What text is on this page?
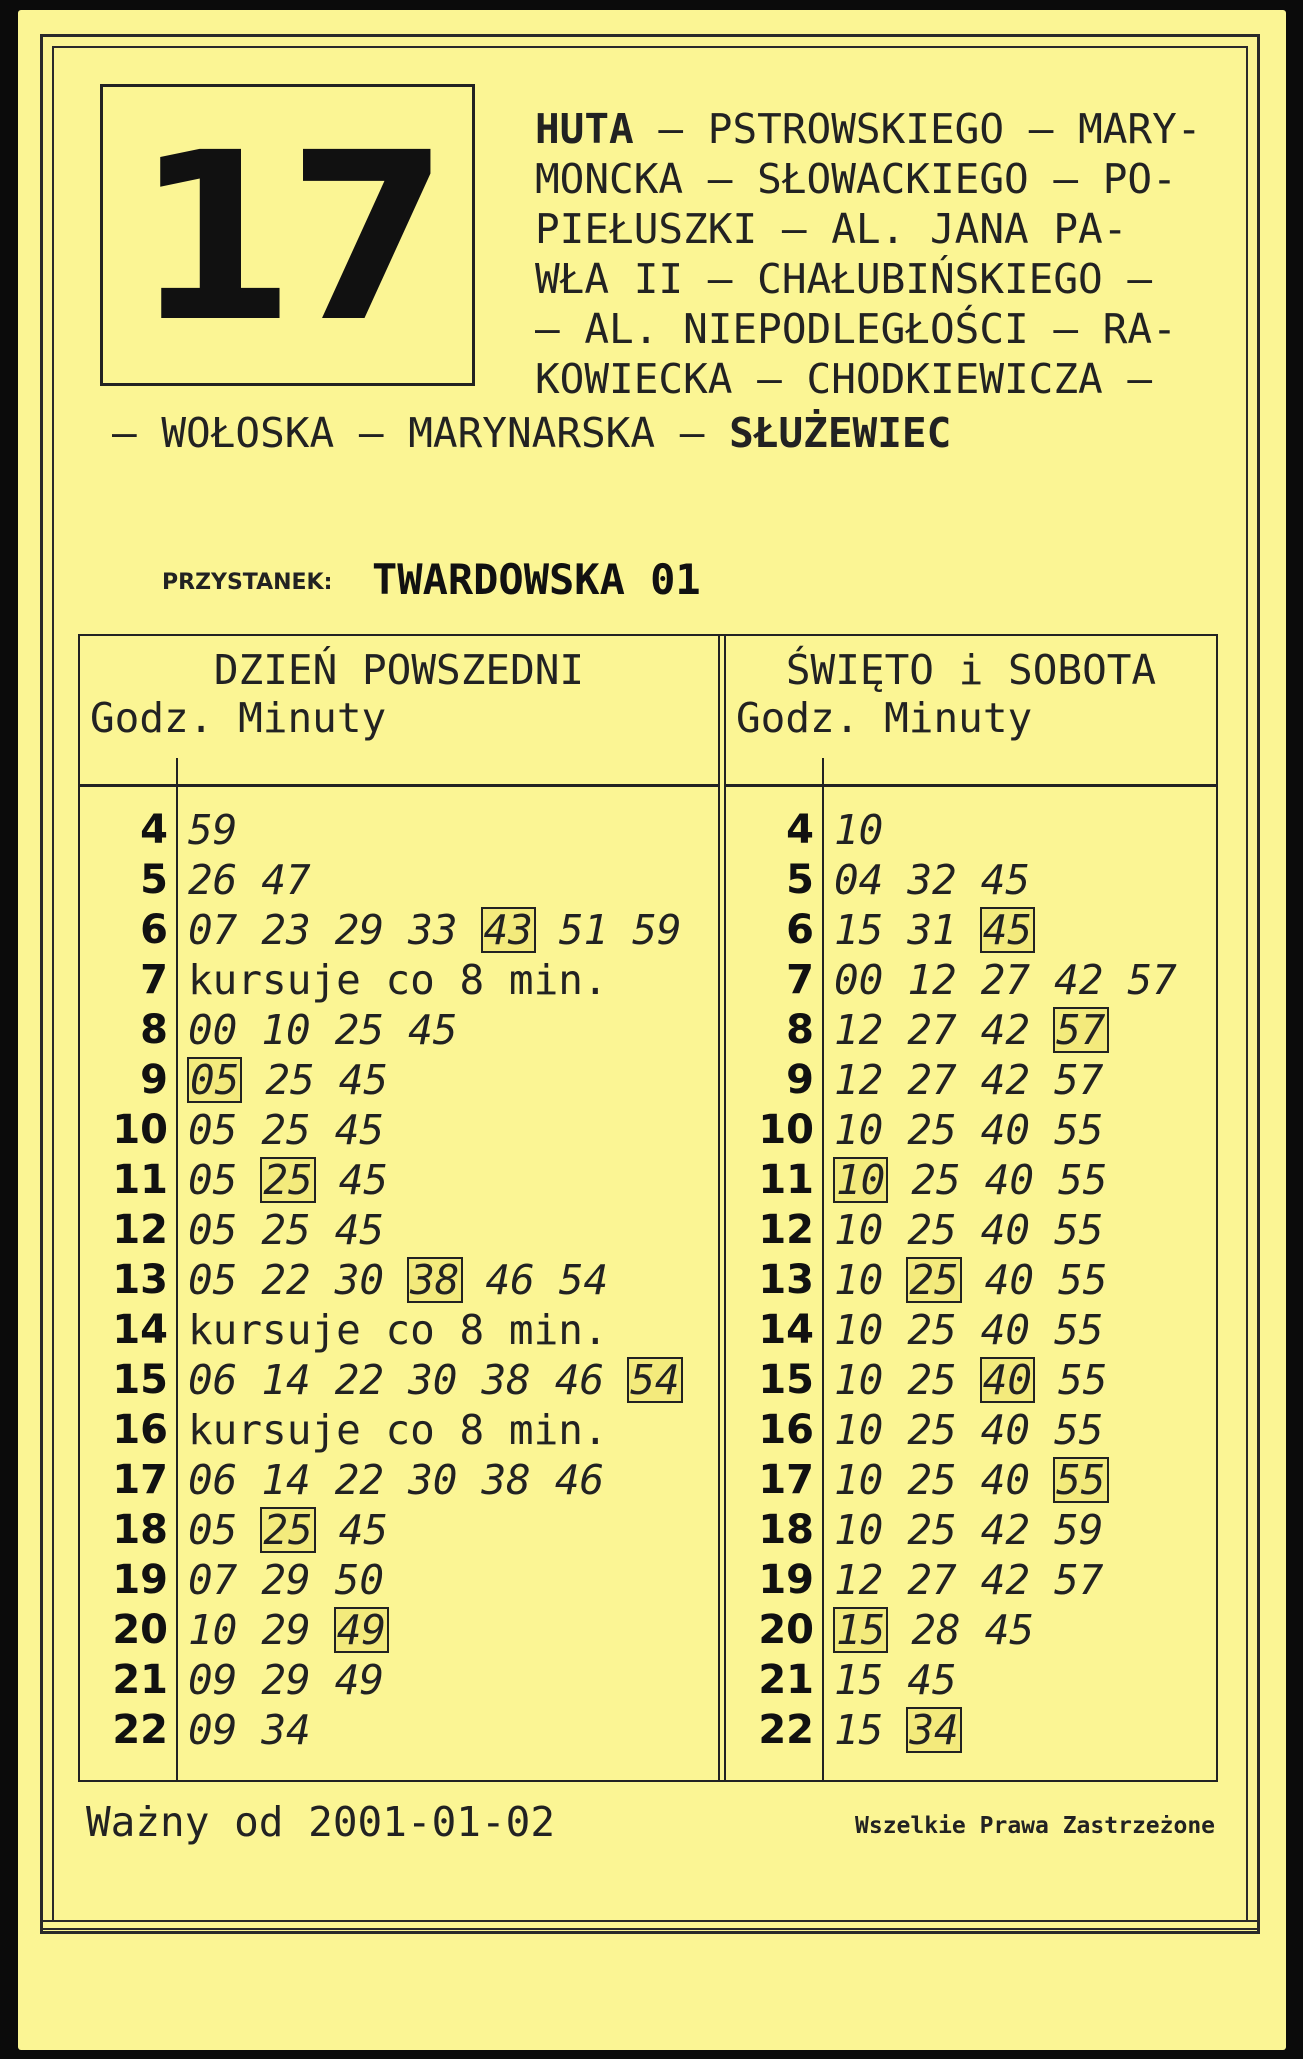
17 HUTA – PSTROWSKIEGO – MARY-
MONCKA – SŁOWACKIEGO – PO-
PIEŁUSZKI – AL. JANA PA-
WŁA II – CHAŁUBIŃSKIEGO –
– AL. NIEPODLEGŁOŚCI – RA-
KOWIECKA – CHODKIEWICZA –
– WOŁOSKA – MARYNARSKA – SŁUŻEWIEC
PRZYSTANEK: TWARDOWSKA 01
DZIEŃ POWSZEDNI
Godz. Minuty
4 59
5 26 47
6 07 23 29 33 43 51 59
7 kursuje co 8 min.
8 00 10 25 45
9 05 25 45
10 05 25 45
11 05 25 45
12 05 25 45
13 05 22 30 38 46 54
14 kursuje co 8 min.
15 06 14 22 30 38 46 54
16 kursuje co 8 min.
17 06 14 22 30 38 46
18 05 25 45
19 07 29 50
20 10 29 49
21 09 29 49
22 09 34
ŚWIĘTO i SOBOTA
Godz. Minuty
4 10
5 04 32 45
6 15 31 45
7 00 12 27 42 57
8 12 27 42 57
9 12 27 42 57
10 10 25 40 55
11 10 25 40 55
12 10 25 40 55
13 10 25 40 55
14 10 25 40 55
15 10 25 40 55
16 10 25 40 55
17 10 25 40 55
18 10 25 42 59
19 12 27 42 57
20 15 28 45
21 15 45
22 15 34
Ważny od 2001-01-02	Wszelkie Prawa Zastrzeżone
